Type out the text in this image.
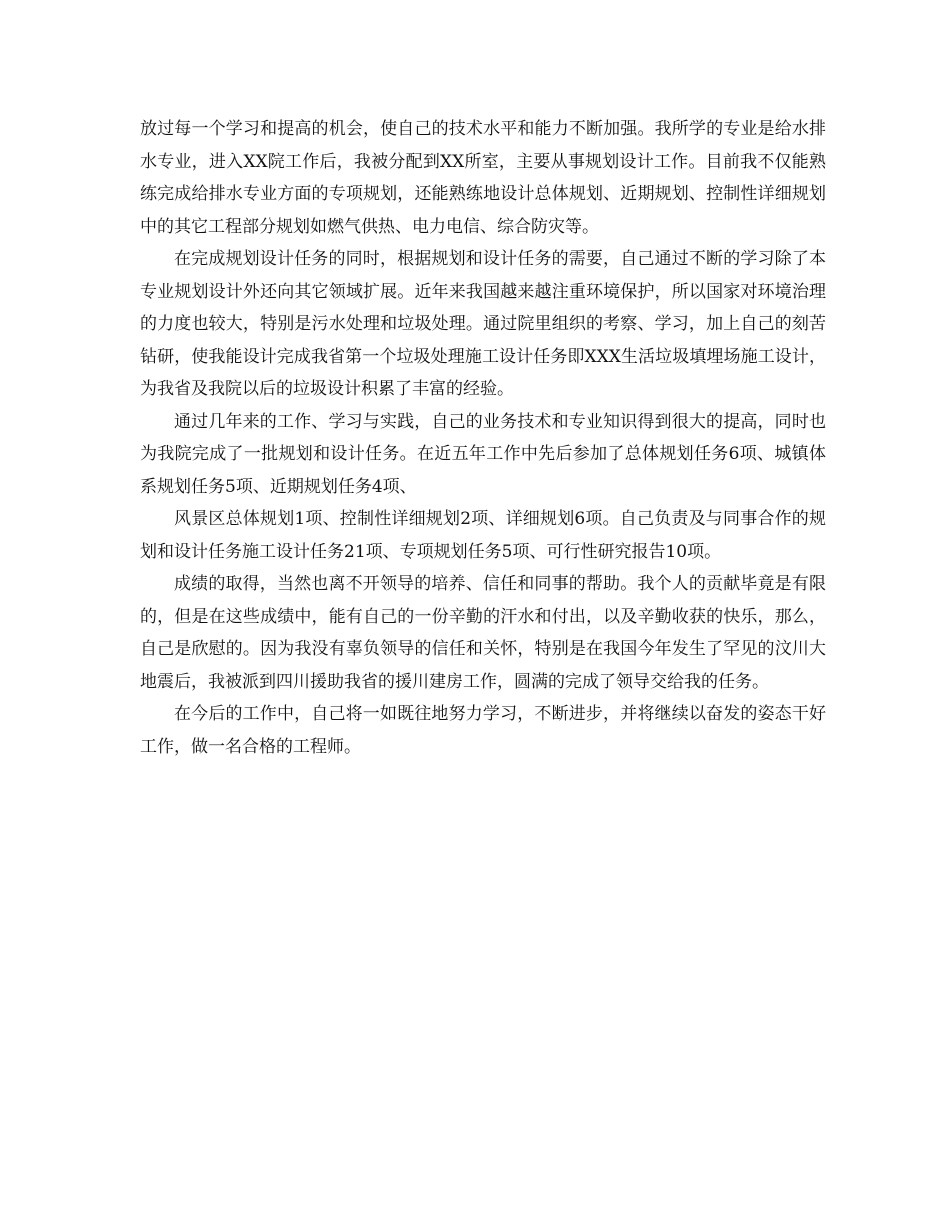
放过每一个学习和提高的机会，使自己的技术水平和能力不断加强。我所学的专业是给水排水专业，进入XX院工作后，我被分配到XX所室，主要从事规划设计工作。目前我不仅能熟练完成给排水专业方面的专项规划，还能熟练地设计总体规划、近期规划、控制性详细规划中的其它工程部分规划如燃气供热、电力电信、综合防灾等。

在完成规划设计任务的同时，根据规划和设计任务的需要，自己通过不断的学习除了本专业规划设计外还向其它领域扩展。近年来我国越来越注重环境保护，所以国家对环境治理的力度也较大，特别是污水处理和垃圾处理。通过院里组织的考察、学习，加上自己的刻苦钻研，使我能设计完成我省第一个垃圾处理施工设计任务即XXX生活垃圾填埋场施工设计，为我省及我院以后的垃圾设计积累了丰富的经验。

通过几年来的工作、学习与实践，自己的业务技术和专业知识得到很大的提高，同时也为我院完成了一批规划和设计任务。在近五年工作中先后参加了总体规划任务6项、城镇体系规划任务5项、近期规划任务4项、

风景区总体规划1项、控制性详细规划2项、详细规划6项。自己负责及与同事合作的规划和设计任务施工设计任务21项、专项规划任务5项、可行性研究报告10项。

成绩的取得，当然也离不开领导的培养、信任和同事的帮助。我个人的贡献毕竟是有限的，但是在这些成绩中，能有自己的一份辛勤的汗水和付出，以及辛勤收获的快乐，那么，自己是欣慰的。因为我没有辜负领导的信任和关怀，特别是在我国今年发生了罕见的汶川大地震后，我被派到四川援助我省的援川建房工作，圆满的完成了领导交给我的任务。

在今后的工作中，自己将一如既往地努力学习，不断进步，并将继续以奋发的姿态干好工作，做一名合格的工程师。
